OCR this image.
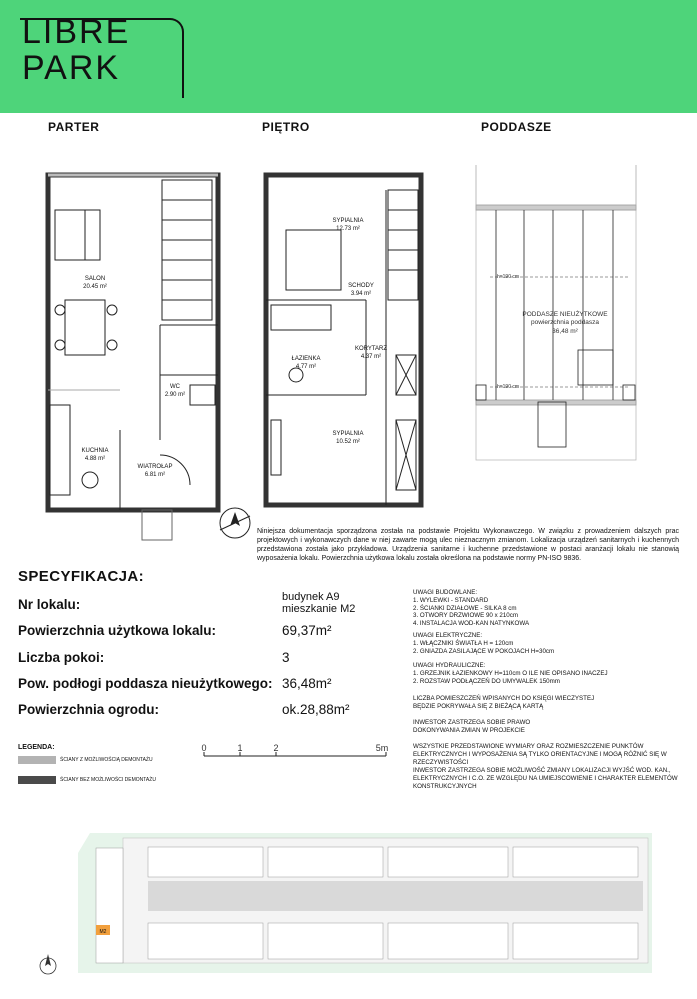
LIBRE
PARK
PARTER	PIĘTRO	PODDASZE
SALON
20.45 m²
WC
2.90 m²
KUCHNIA
4.88 m²
WIATROŁAP
6.81 m²
SYPIALNIA
12.73 m²
SCHODY
3.94 m²
KORYTARZ
4.37 m²
ŁAZIENKA
4.77 m²
SYPIALNIA
10.52 m²
h=190 cm
h=190 cm
PODDASZE NIEUŻYTKOWE
powierzchnia poddasza
36,48 m²
Niniejsza dokumentacja sporządzona została na podstawie Projektu Wykonawczego. W związku z prowadzeniem dalszych prac projektowych i wykonawczych dane w niej zawarte mogą ulec nieznacznym zmianom. Lokalizacja urządzeń sanitarnych i kuchennych przedstawiona została jako przykładowa. Urządzenia sanitarne i kuchenne przedstawione w postaci aranżacji lokalu nie stanowią wyposażenia lokalu. Powierzchnia użytkowa lokalu została określona na podstawie normy PN-ISO 9836.
SPECYFIKACJA:
Nr lokalu:	budynek A9
mieszkanie M2
Powierzchnia użytkowa lokalu:	69,37m²
Liczba pokoi:	3
Pow. podłogi poddasza nieużytkowego: 36,48m²
Powierzchnia ogrodu:	ok.28,88m²
UWAGI BUDOWLANE:
1. WYLEWKI - STANDARD
2. ŚCIANKI DZIAŁOWE - SILKA 8 cm
3. OTWORY DRZWIOWE 90 x 210cm
4. INSTALACJA WOD-KAN NATYNKOWA
UWAGI ELEKTRYCZNE:
1. WŁĄCZNIKI ŚWIATŁA H = 120cm
2. GNIAZDA ZASILAJĄCE W POKOJACH H=30cm
UWAGI HYDRAULICZNE:
1. GRZEJNIK ŁAZIENKOWY H=110cm O ILE NIE OPISANO INACZEJ
2. ROZSTAW PODŁĄCZEŃ DO UMYWALEK 150mm
LICZBA POMIESZCZEŃ WPISANYCH DO KSIĘGI WIECZYSTEJ BĘDZIE POKRYWAŁA SIĘ Z BIEŻĄCĄ KARTĄ
INWESTOR ZASTRZEGA SOBIE PRAWO DOKONYWANIA ZMIAN W PROJEKCIE
WSZYSTKIE PRZEDSTAWIONE WYMIARY ORAZ ROZMIESZCZENIE PUNKTÓW ELEKTRYCZNYCH I WYPOSAŻENIA SĄ TYLKO ORIENTACYJNE I MOGĄ RÓŻNIĆ SIĘ W RZECZYWISTOŚCI
INWESTOR ZASTRZEGA SOBIE MOŻLIWOŚĆ ZMIANY LOKALIZACJI WYJŚĆ WOD. KAN., ELEKTRYCZNYCH I C.O. ZE WZGLĘDU NA UMIEJSCOWIENIE I CHARAKTER ELEMENTÓW KONSTRUKCYJNYCH
LEGENDA:
ŚCIANY Z MOŻLIWOŚCIĄ DEMONTAŻU
ŚCIANY BEZ MOŻLIWOŚCI DEMONTAŻU
0	1	2	5m
M2
